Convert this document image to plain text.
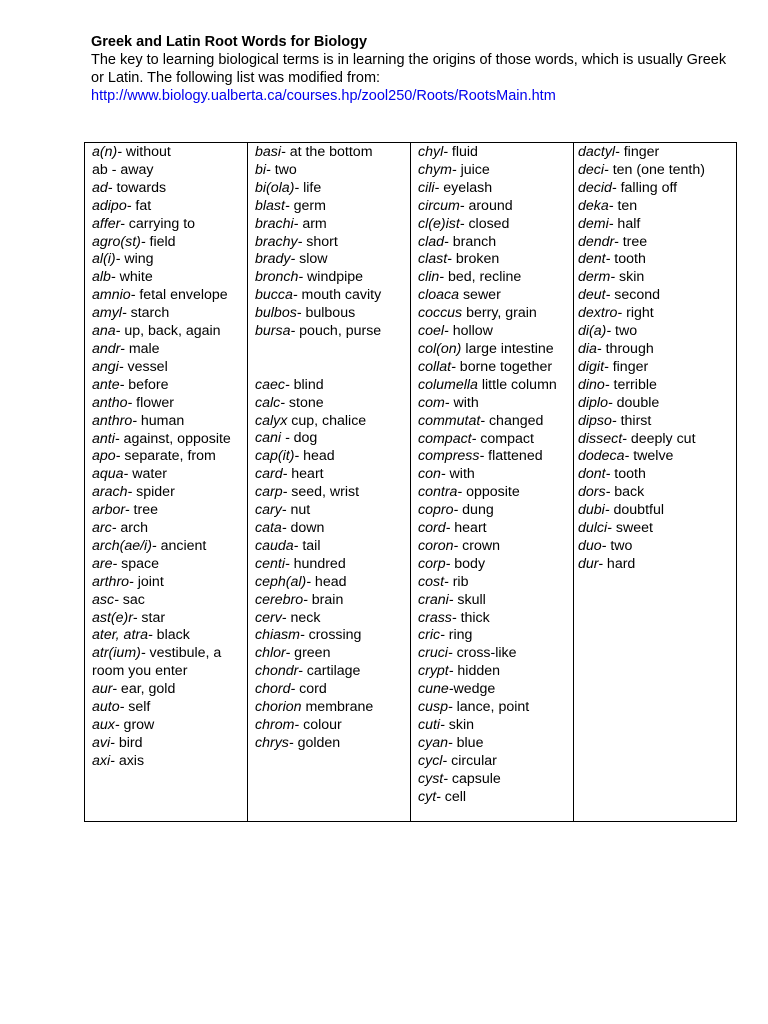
Greek and Latin Root Words for Biology
The key to learning biological terms is in learning the origins of those words, which is usually Greek or Latin. The following list was modified from:
http://www.biology.ualberta.ca/courses.hp/zool250/Roots/RootsMain.htm
a(n)- without
ab - away
ad- towards
adipo- fat
affer- carrying to
agro(st)- field
al(i)- wing
alb- white
amnio- fetal envelope
amyl- starch
ana- up, back, again
andr- male
angi- vessel
ante- before
antho- flower
anthro- human
anti- against, opposite
apo- separate, from
aqua- water
arach- spider
arbor- tree
arc- arch
arch(ae/i)- ancient
are- space
arthro- joint
asc- sac
ast(e)r- star
ater, atra- black
atr(ium)- vestibule, a room you enter
aur- ear, gold
auto- self
aux- grow
avi- bird
axi- axis
basi- at the bottom
bi- two
bi(ola)- life
blast- germ
brachi- arm
brachy- short
brady- slow
bronch- windpipe
bucca- mouth cavity
bulbos- bulbous
bursa- pouch, purse
caec- blind
calc- stone
calyx cup, chalice
cani - dog
cap(it)- head
card- heart
carp- seed, wrist
cary- nut
cata- down
cauda- tail
centi- hundred
ceph(al)- head
cerebro- brain
cerv- neck
chiasm- crossing
chlor- green
chondr- cartilage
chord- cord
chorion membrane
chrom- colour
chrys- golden
chyl- fluid
chym- juice
cili- eyelash
circum- around
cl(e)ist- closed
clad- branch
clast- broken
clin- bed, recline
cloaca sewer
coccus berry, grain
coel- hollow
col(on) large intestine
collat- borne together
columella little column
com- with
commutat- changed
compact- compact
compress- flattened
con- with
contra- opposite
copro- dung
cord- heart
coron- crown
corp- body
cost- rib
crani- skull
crass- thick
cric- ring
cruci- cross-like
crypt- hidden
cune-wedge
cusp- lance, point
cuti- skin
cyan- blue
cycl- circular
cyst- capsule
cyt- cell
dactyl- finger
deci- ten (one tenth)
decid- falling off
deka- ten
demi- half
dendr- tree
dent- tooth
derm- skin
deut- second
dextro- right
di(a)- two
dia- through
digit- finger
dino- terrible
diplo- double
dipso- thirst
dissect- deeply cut
dodeca- twelve
dont- tooth
dors- back
dubi- doubtful
dulci- sweet
duo- two
dur- hard
